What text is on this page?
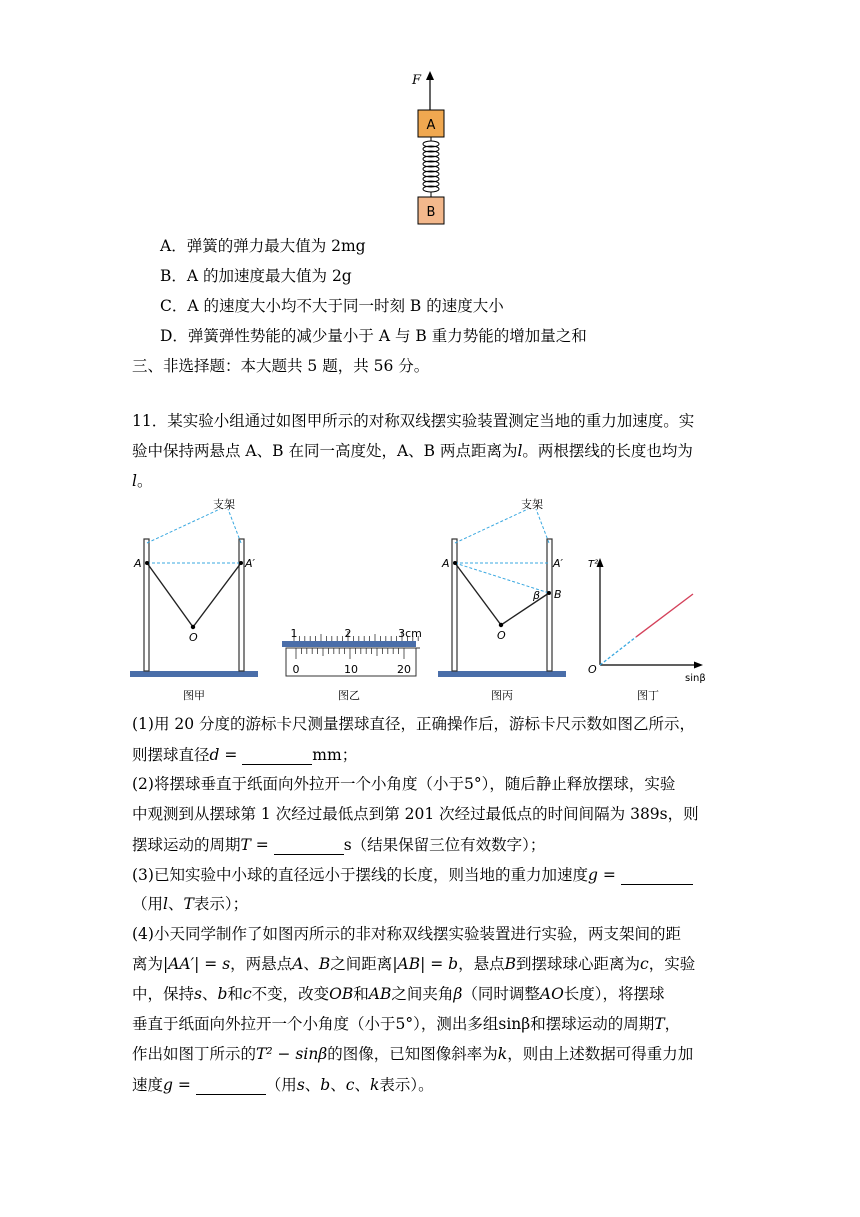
F
A
B
A．弹簧的弹力最大值为 2mg
B．A 的加速度最大值为 2g
C．A 的速度大小均不大于同一时刻 B 的速度大小
D．弹簧弹性势能的减少量小于 A 与 B 重力势能的增加量之和
三、非选择题：本大题共 5 题，共 56 分。
11．某实验小组通过如图甲所示的对称双线摆实验装置测定当地的重力加速度。实
验中保持两悬点 A、B 在同一高度处，A、B 两点距离为l。两根摆线的长度也均为
l。
支架
A	A′
O
图甲
1	2	3cm
0	10	20
图乙
支架
A	A′
B
β
O
图丙
T²
sinβ
O
图丁
(1)用 20 分度的游标卡尺测量摆球直径，正确操作后，游标卡尺示数如图乙所示，
则摆球直径d =	mm；
(2)将摆球垂直于纸面向外拉开一个小角度（小于5°），随后静止释放摆球，实验
中观测到从摆球第 1 次经过最低点到第 201 次经过最低点的时间间隔为 389s，则
摆球运动的周期T =	s（结果保留三位有效数字）；
(3)已知实验中小球的直径远小于摆线的长度，则当地的重力加速度g =
（用l、T表示）；
(4)小天同学制作了如图丙所示的非对称双线摆实验装置进行实验，两支架间的距
离为|AA′| = s，两悬点A、B之间距离|AB| = b，悬点B到摆球球心距离为c，实验
中，保持s、b和c不变，改变OB和AB之间夹角β（同时调整AO长度），将摆球
垂直于纸面向外拉开一个小角度（小于5°），测出多组sinβ和摆球运动的周期T，
作出如图丁所示的T² − sinβ的图像，已知图像斜率为k，则由上述数据可得重力加
速度g =	（用s、b、c、k表示）。
